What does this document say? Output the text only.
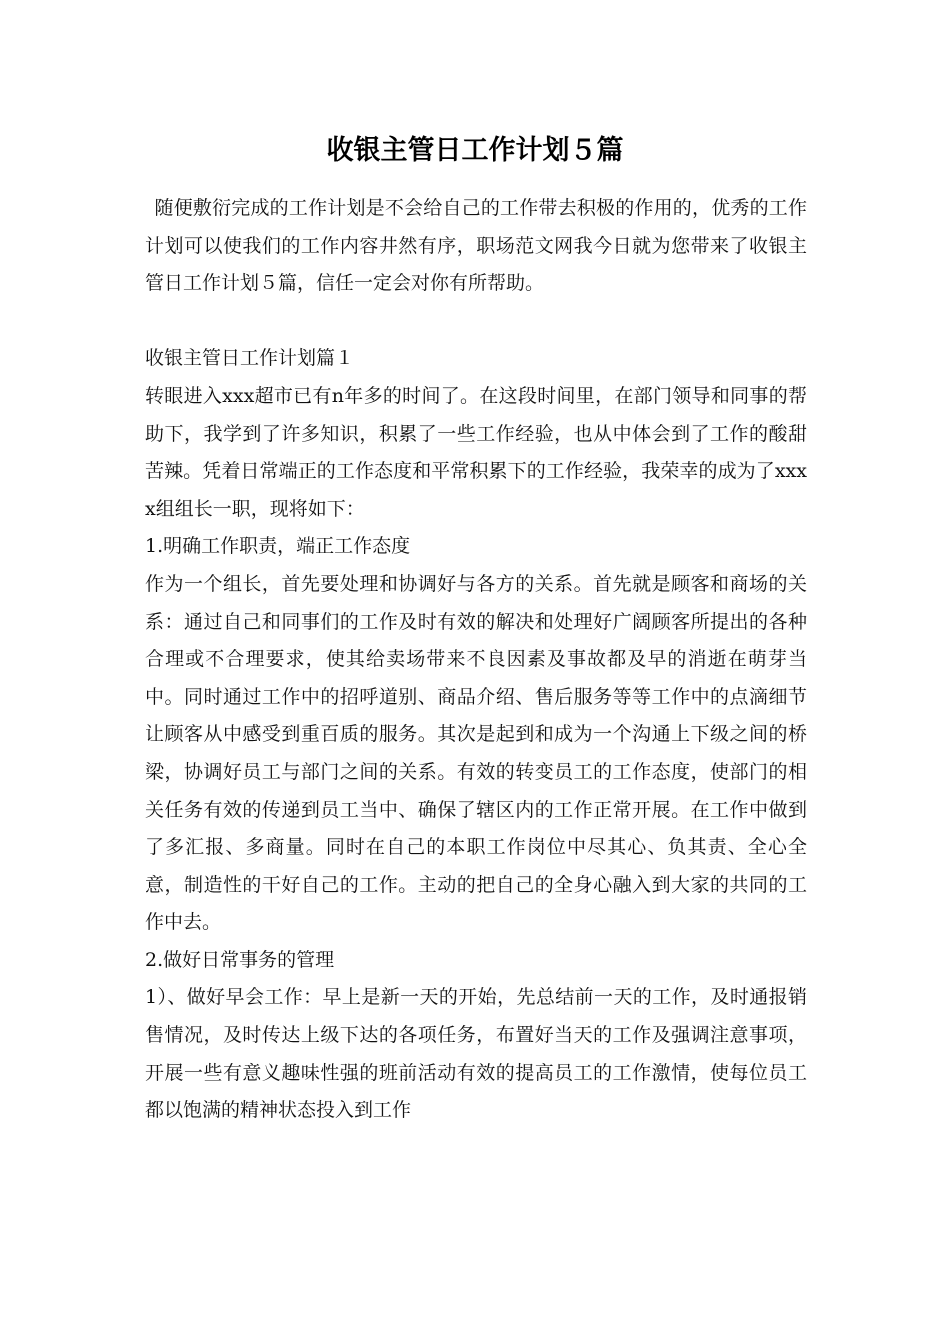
收银主管日工作计划５篇

随便敷衍完成的工作计划是不会给自己的工作带去积极的作用的，优秀的工作计划可以使我们的工作内容井然有序，职场范文网我今日就为您带来了收银主管日工作计划５篇，信任一定会对你有所帮助。

收银主管日工作计划篇１

转眼进入xxx超市已有n年多的时间了。在这段时间里，在部门领导和同事的帮助下，我学到了许多知识，积累了一些工作经验，也从中体会到了工作的酸甜苦辣。凭着日常端正的工作态度和平常积累下的工作经验，我荣幸的成为了xxxx组组长一职，现将如下：

1.明确工作职责，端正工作态度

作为一个组长，首先要处理和协调好与各方的关系。首先就是顾客和商场的关系：通过自己和同事们的工作及时有效的解决和处理好广阔顾客所提出的各种合理或不合理要求，使其给卖场带来不良因素及事故都及早的消逝在萌芽当中。同时通过工作中的招呼道别、商品介绍、售后服务等等工作中的点滴细节让顾客从中感受到重百质的服务。其次是起到和成为一个沟通上下级之间的桥梁，协调好员工与部门之间的关系。有效的转变员工的工作态度，使部门的相关任务有效的传递到员工当中、确保了辖区内的工作正常开展。在工作中做到了多汇报、多商量。同时在自己的本职工作岗位中尽其心、负其责、全心全意，制造性的干好自己的工作。主动的把自己的全身心融入到大家的共同的工作中去。

2.做好日常事务的管理

1）、做好早会工作：早上是新一天的开始，先总结前一天的工作，及时通报销售情况，及时传达上级下达的各项任务，布置好当天的工作及强调注意事项，开展一些有意义趣味性强的班前活动有效的提高员工的工作激情，使每位员工都以饱满的精神状态投入到工作
